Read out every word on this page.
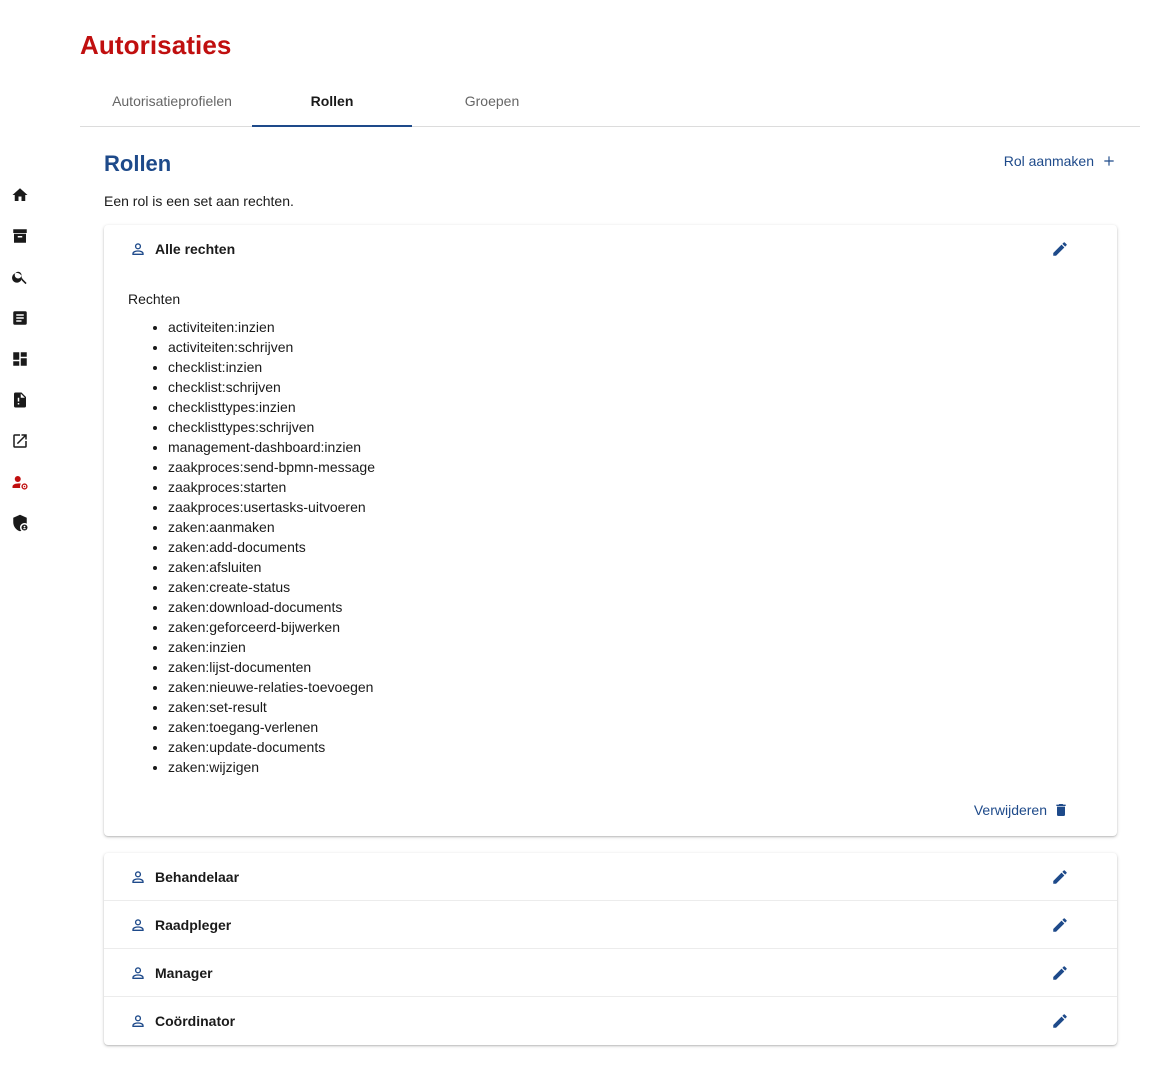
Autorisaties
Autorisatieprofielen	Rollen	Groepen
Rollen	Rol aanmaken
Een rol is een set aan rechten.
Alle rechten
Rechten
• activiteiten:inzien
• activiteiten:schrijven
• checklist:inzien
• checklist:schrijven
• checklisttypes:inzien
• checklisttypes:schrijven
• management-dashboard:inzien
• zaakproces:send-bpmn-message
• zaakproces:starten
• zaakproces:usertasks-uitvoeren
• zaken:aanmaken
• zaken:add-documents
• zaken:afsluiten
• zaken:create-status
• zaken:download-documents
• zaken:geforceerd-bijwerken
• zaken:inzien
• zaken:lijst-documenten
• zaken:nieuwe-relaties-toevoegen
• zaken:set-result
• zaken:toegang-verlenen
• zaken:update-documents
• zaken:wijzigen
Verwijderen
Behandelaar
Raadpleger
Manager
Coördinator
